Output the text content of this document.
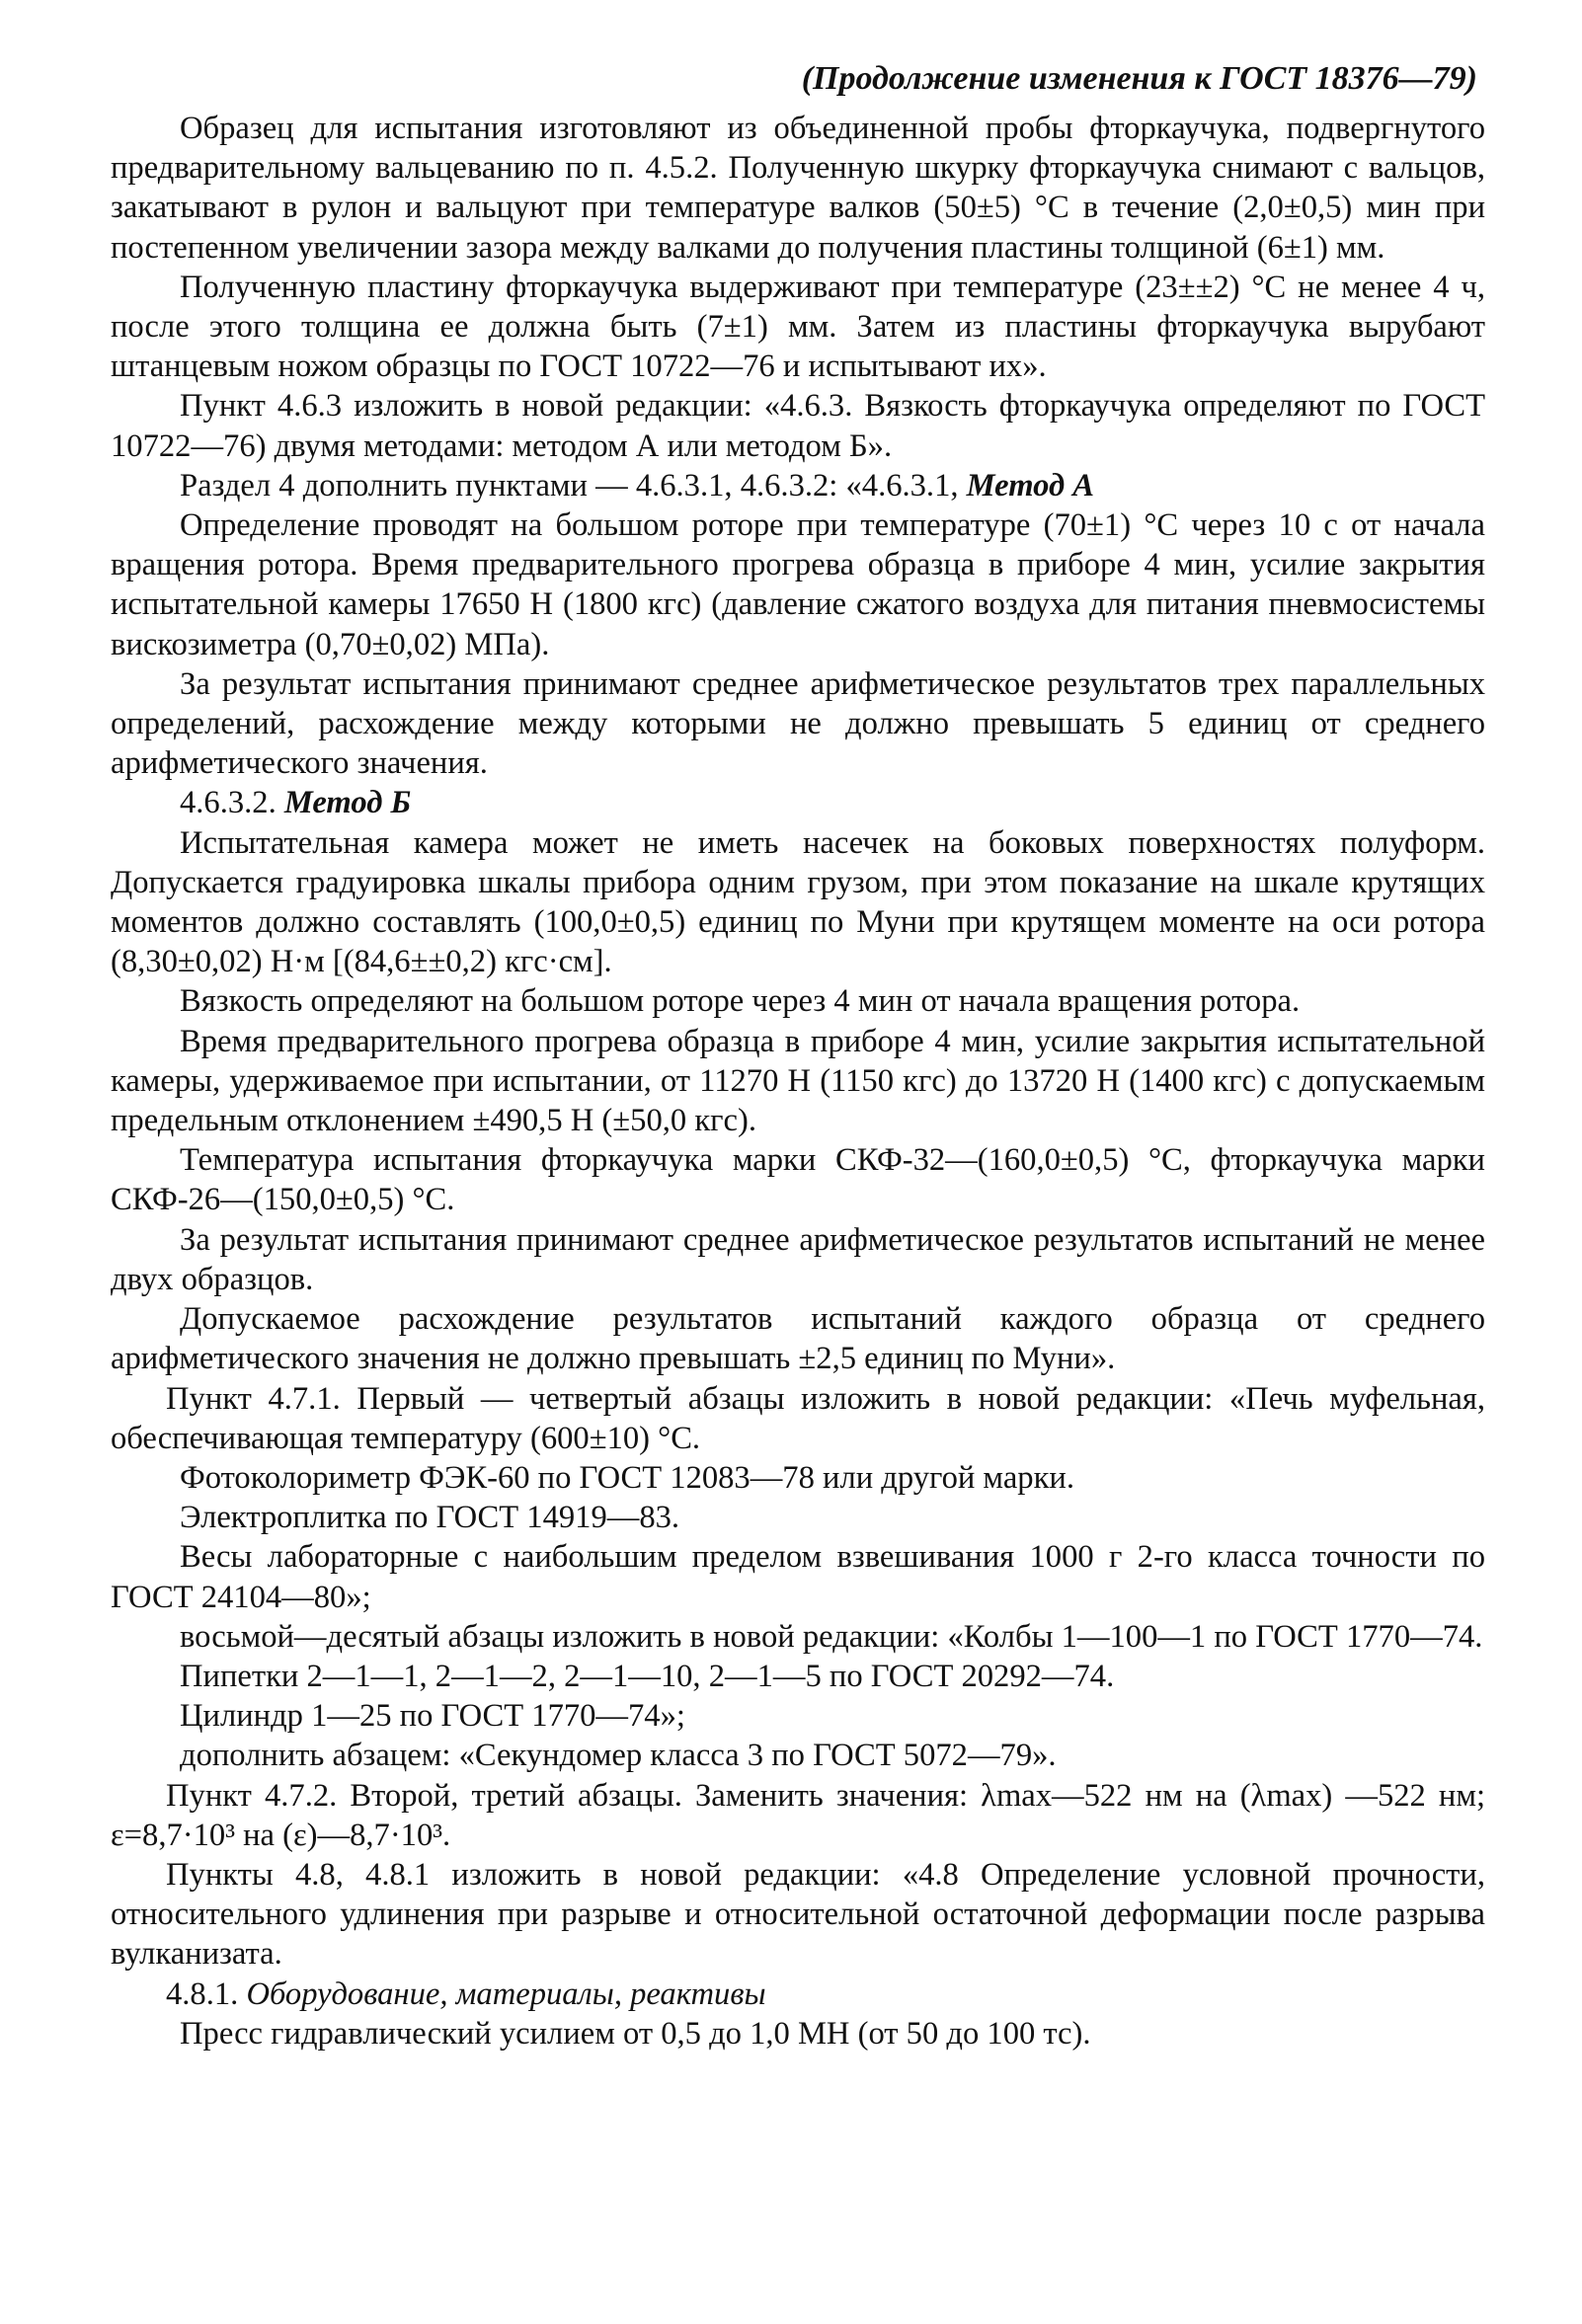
(Продолжение изменения к ГОСТ 18376—79)

Образец для испытания изготовляют из объединенной пробы фторкаучука, подвергнутого предварительному вальцеванию по п. 4.5.2. Полученную шкурку фторкаучука снимают с вальцов, закатывают в рулон и вальцуют при температуре валков (50±5) °C в течение (2,0±0,5) мин при постепенном увеличении зазора между валками до получения пластины толщиной (6±1) мм.

Полученную пластину фторкаучука выдерживают при температуре (23±±2) °C не менее 4 ч, после этого толщина ее должна быть (7±1) мм. Затем из пластины фторкаучука вырубают штанцевым ножом образцы по ГОСТ 10722—76 и испытывают их».

Пункт 4.6.3 изложить в новой редакции: «4.6.3. Вязкость фторкаучука определяют по ГОСТ 10722—76) двумя методами: методом А или методом Б».

Раздел 4 дополнить пунктами — 4.6.3.1, 4.6.3.2: «4.6.3.1, Метод А

Определение проводят на большом роторе при температуре (70±1) °C через 10 с от начала вращения ротора. Время предварительного прогрева образца в приборе 4 мин, усилие закрытия испытательной камеры 17650 Н (1800 кгс) (давление сжатого воздуха для питания пневмосистемы вискозиметра (0,70±0,02) МПа).

За результат испытания принимают среднее арифметическое результатов трех параллельных определений, расхождение между которыми не должно превышать 5 единиц от среднего арифметического значения.

4.6.3.2. Метод Б

Испытательная камера может не иметь насечек на боковых поверхностях полуформ. Допускается градуировка шкалы прибора одним грузом, при этом показание на шкале крутящих моментов должно составлять (100,0±0,5) единиц по Муни при крутящем моменте на оси ротора (8,30±0,02) Н·м [(84,6±±0,2) кгс·см].

Вязкость определяют на большом роторе через 4 мин от начала вращения ротора.

Время предварительного прогрева образца в приборе 4 мин, усилие закрытия испытательной камеры, удерживаемое при испытании, от 11270 Н (1150 кгс) до 13720 Н (1400 кгс) с допускаемым предельным отклонением ±490,5 Н (±50,0 кгс).

Температура испытания фторкаучука марки СКФ-32—(160,0±0,5) °C, фторкаучука марки СКФ-26—(150,0±0,5) °C.

За результат испытания принимают среднее арифметическое результатов испытаний не менее двух образцов.

Допускаемое расхождение результатов испытаний каждого образца от среднего арифметического значения не должно превышать ±2,5 единиц по Муни».

Пункт 4.7.1. Первый — четвертый абзацы изложить в новой редакции: «Печь муфельная, обеспечивающая температуру (600±10) °C.

Фотоколориметр ФЭК-60 по ГОСТ 12083—78 или другой марки.

Электроплитка по ГОСТ 14919—83.

Весы лабораторные с наибольшим пределом взвешивания 1000 г 2-го класса точности по ГОСТ 24104—80»;

восьмой—десятый абзацы изложить в новой редакции: «Колбы 1—100—1 по ГОСТ 1770—74.

Пипетки 2—1—1, 2—1—2, 2—1—10, 2—1—5 по ГОСТ 20292—74.

Цилиндр 1—25 по ГОСТ 1770—74»;

дополнить абзацем: «Секундомер класса 3 по ГОСТ 5072—79».

Пункт 4.7.2. Второй, третий абзацы. Заменить значения: λmax—522 нм на (λmax) —522 нм; ε=8,7·10³ на (ε)—8,7·10³.

Пункты 4.8, 4.8.1 изложить в новой редакции: «4.8 Определение условной прочности, относительного удлинения при разрыве и относительной остаточной деформации после разрыва вулканизата.

4.8.1. Оборудование, материалы, реактивы

Пресс гидравлический усилием от 0,5 до 1,0 МН (от 50 до 100 тс).
